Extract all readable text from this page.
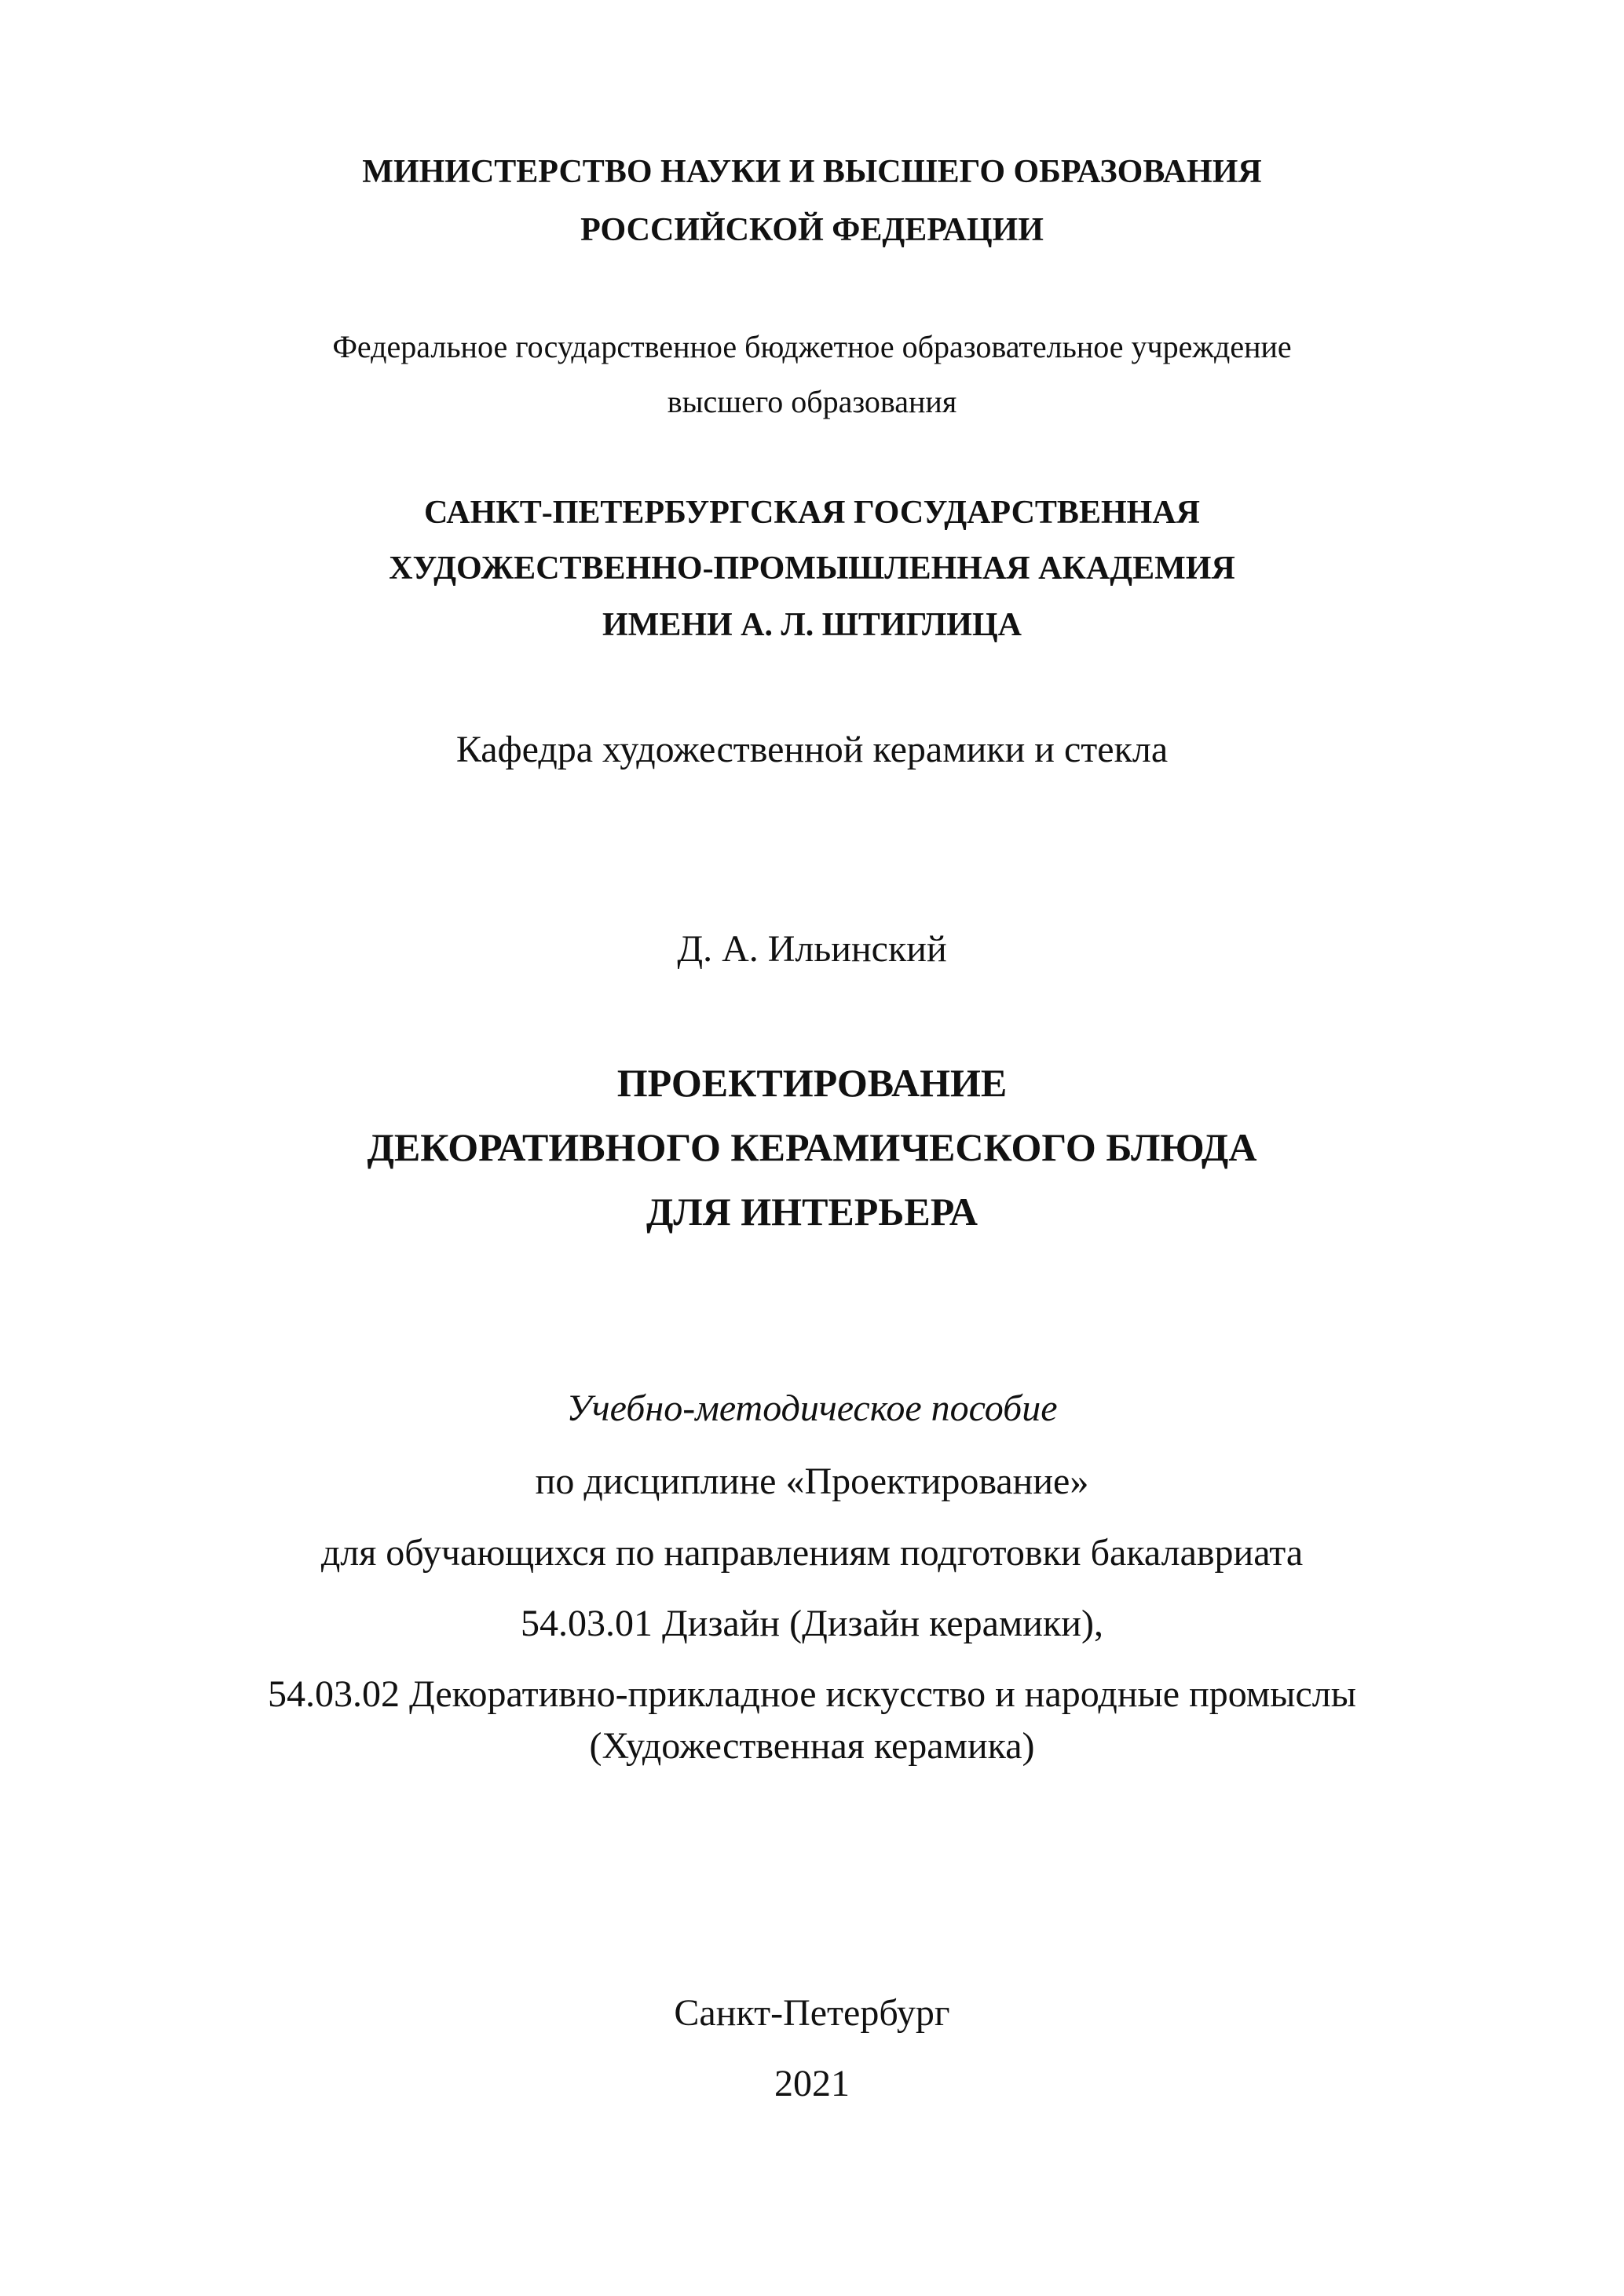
МИНИСТЕРСТВО НАУКИ И ВЫСШЕГО ОБРАЗОВАНИЯ
РОССИЙСКОЙ ФЕДЕРАЦИИ
Федеральное государственное бюджетное образовательное учреждение
высшего образования
САНКТ-ПЕТЕРБУРГСКАЯ ГОСУДАРСТВЕННАЯ
ХУДОЖЕСТВЕННО-ПРОМЫШЛЕННАЯ АКАДЕМИЯ
ИМЕНИ А. Л. ШТИГЛИЦА
Кафедра художественной керамики и стекла
Д. А. Ильинский
ПРОЕКТИРОВАНИЕ
ДЕКОРАТИВНОГО КЕРАМИЧЕСКОГО БЛЮДА
ДЛЯ ИНТЕРЬЕРА
Учебно-методическое пособие
по дисциплине «Проектирование»
для обучающихся по направлениям подготовки бакалавриата
54.03.01 Дизайн (Дизайн керамики),
54.03.02 Декоративно-прикладное искусство и народные промыслы
(Художественная керамика)
Санкт-Петербург
2021
